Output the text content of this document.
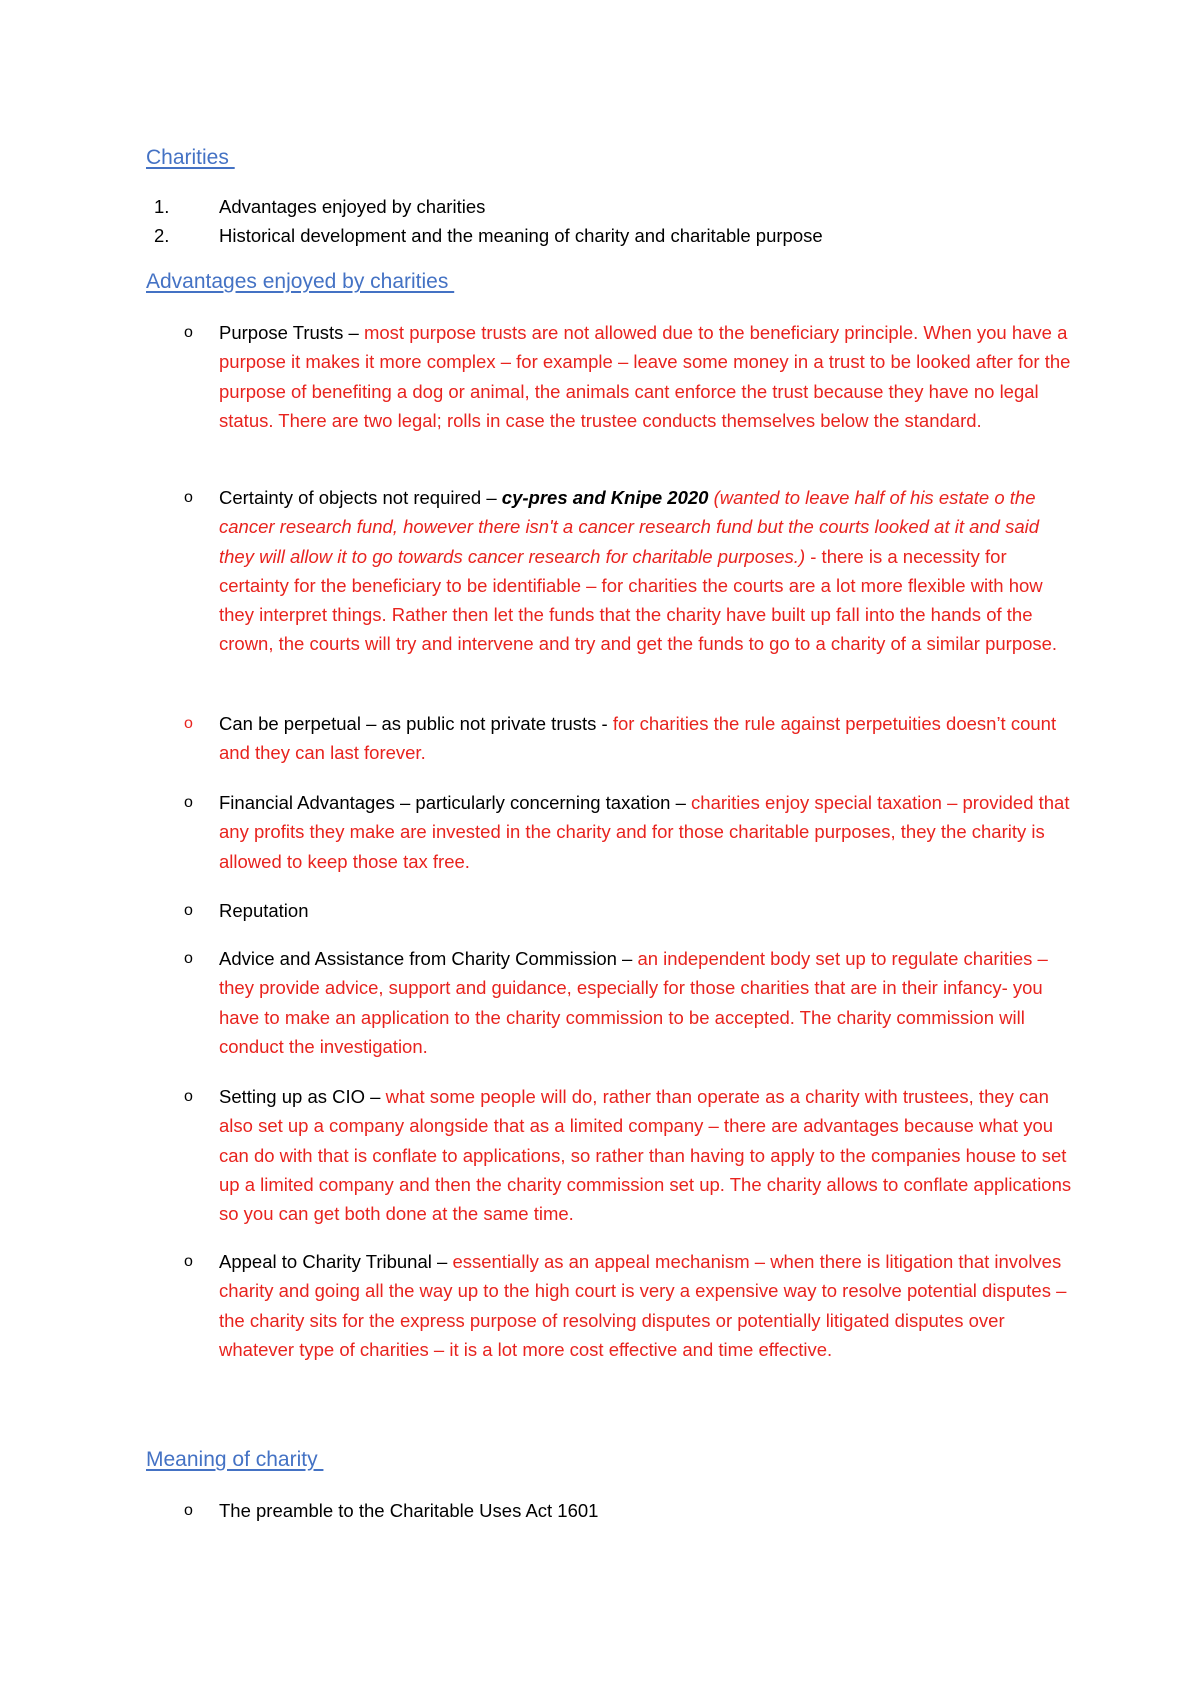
Charities
1.	Advantages enjoyed by charities
2.	Historical development and the meaning of charity and charitable purpose
Advantages enjoyed by charities
o Purpose Trusts – most purpose trusts are not allowed due to the beneficiary principle. When you have a purpose it makes it more complex – for example – leave some money in a trust to be looked after for the purpose of benefiting a dog or animal, the animals cant enforce the trust because they have no legal status. There are two legal; rolls in case the trustee conducts themselves below the standard.
o Certainty of objects not required – cy-pres and Knipe 2020 (wanted to leave half of his estate o the cancer research fund, however there isn't a cancer research fund but the courts looked at it and said they will allow it to go towards cancer research for charitable purposes.) - there is a necessity for certainty for the beneficiary to be identifiable – for charities the courts are a lot more flexible with how they interpret things. Rather then let the funds that the charity have built up fall into the hands of the crown, the courts will try and intervene and try and get the funds to go to a charity of a similar purpose.
o Can be perpetual – as public not private trusts - for charities the rule against perpetuities doesn’t count and they can last forever.
o Financial Advantages – particularly concerning taxation – charities enjoy special taxation – provided that any profits they make are invested in the charity and for those charitable purposes, they the charity is allowed to keep those tax free.
o Reputation
o Advice and Assistance from Charity Commission – an independent body set up to regulate charities – they provide advice, support and guidance, especially for those charities that are in their infancy- you have to make an application to the charity commission to be accepted. The charity commission will conduct the investigation.
o Setting up as CIO – what some people will do, rather than operate as a charity with trustees, they can also set up a company alongside that as a limited company – there are advantages because what you can do with that is conflate to applications, so rather than having to apply to the companies house to set up a limited company and then the charity commission set up. The charity allows to conflate applications so you can get both done at the same time.
o Appeal to Charity Tribunal – essentially as an appeal mechanism – when there is litigation that involves charity and going all the way up to the high court is very a expensive way to resolve potential disputes – the charity sits for the express purpose of resolving disputes or potentially litigated disputes over whatever type of charities – it is a lot more cost effective and time effective.
Meaning of charity
o The preamble to the Charitable Uses Act 1601
